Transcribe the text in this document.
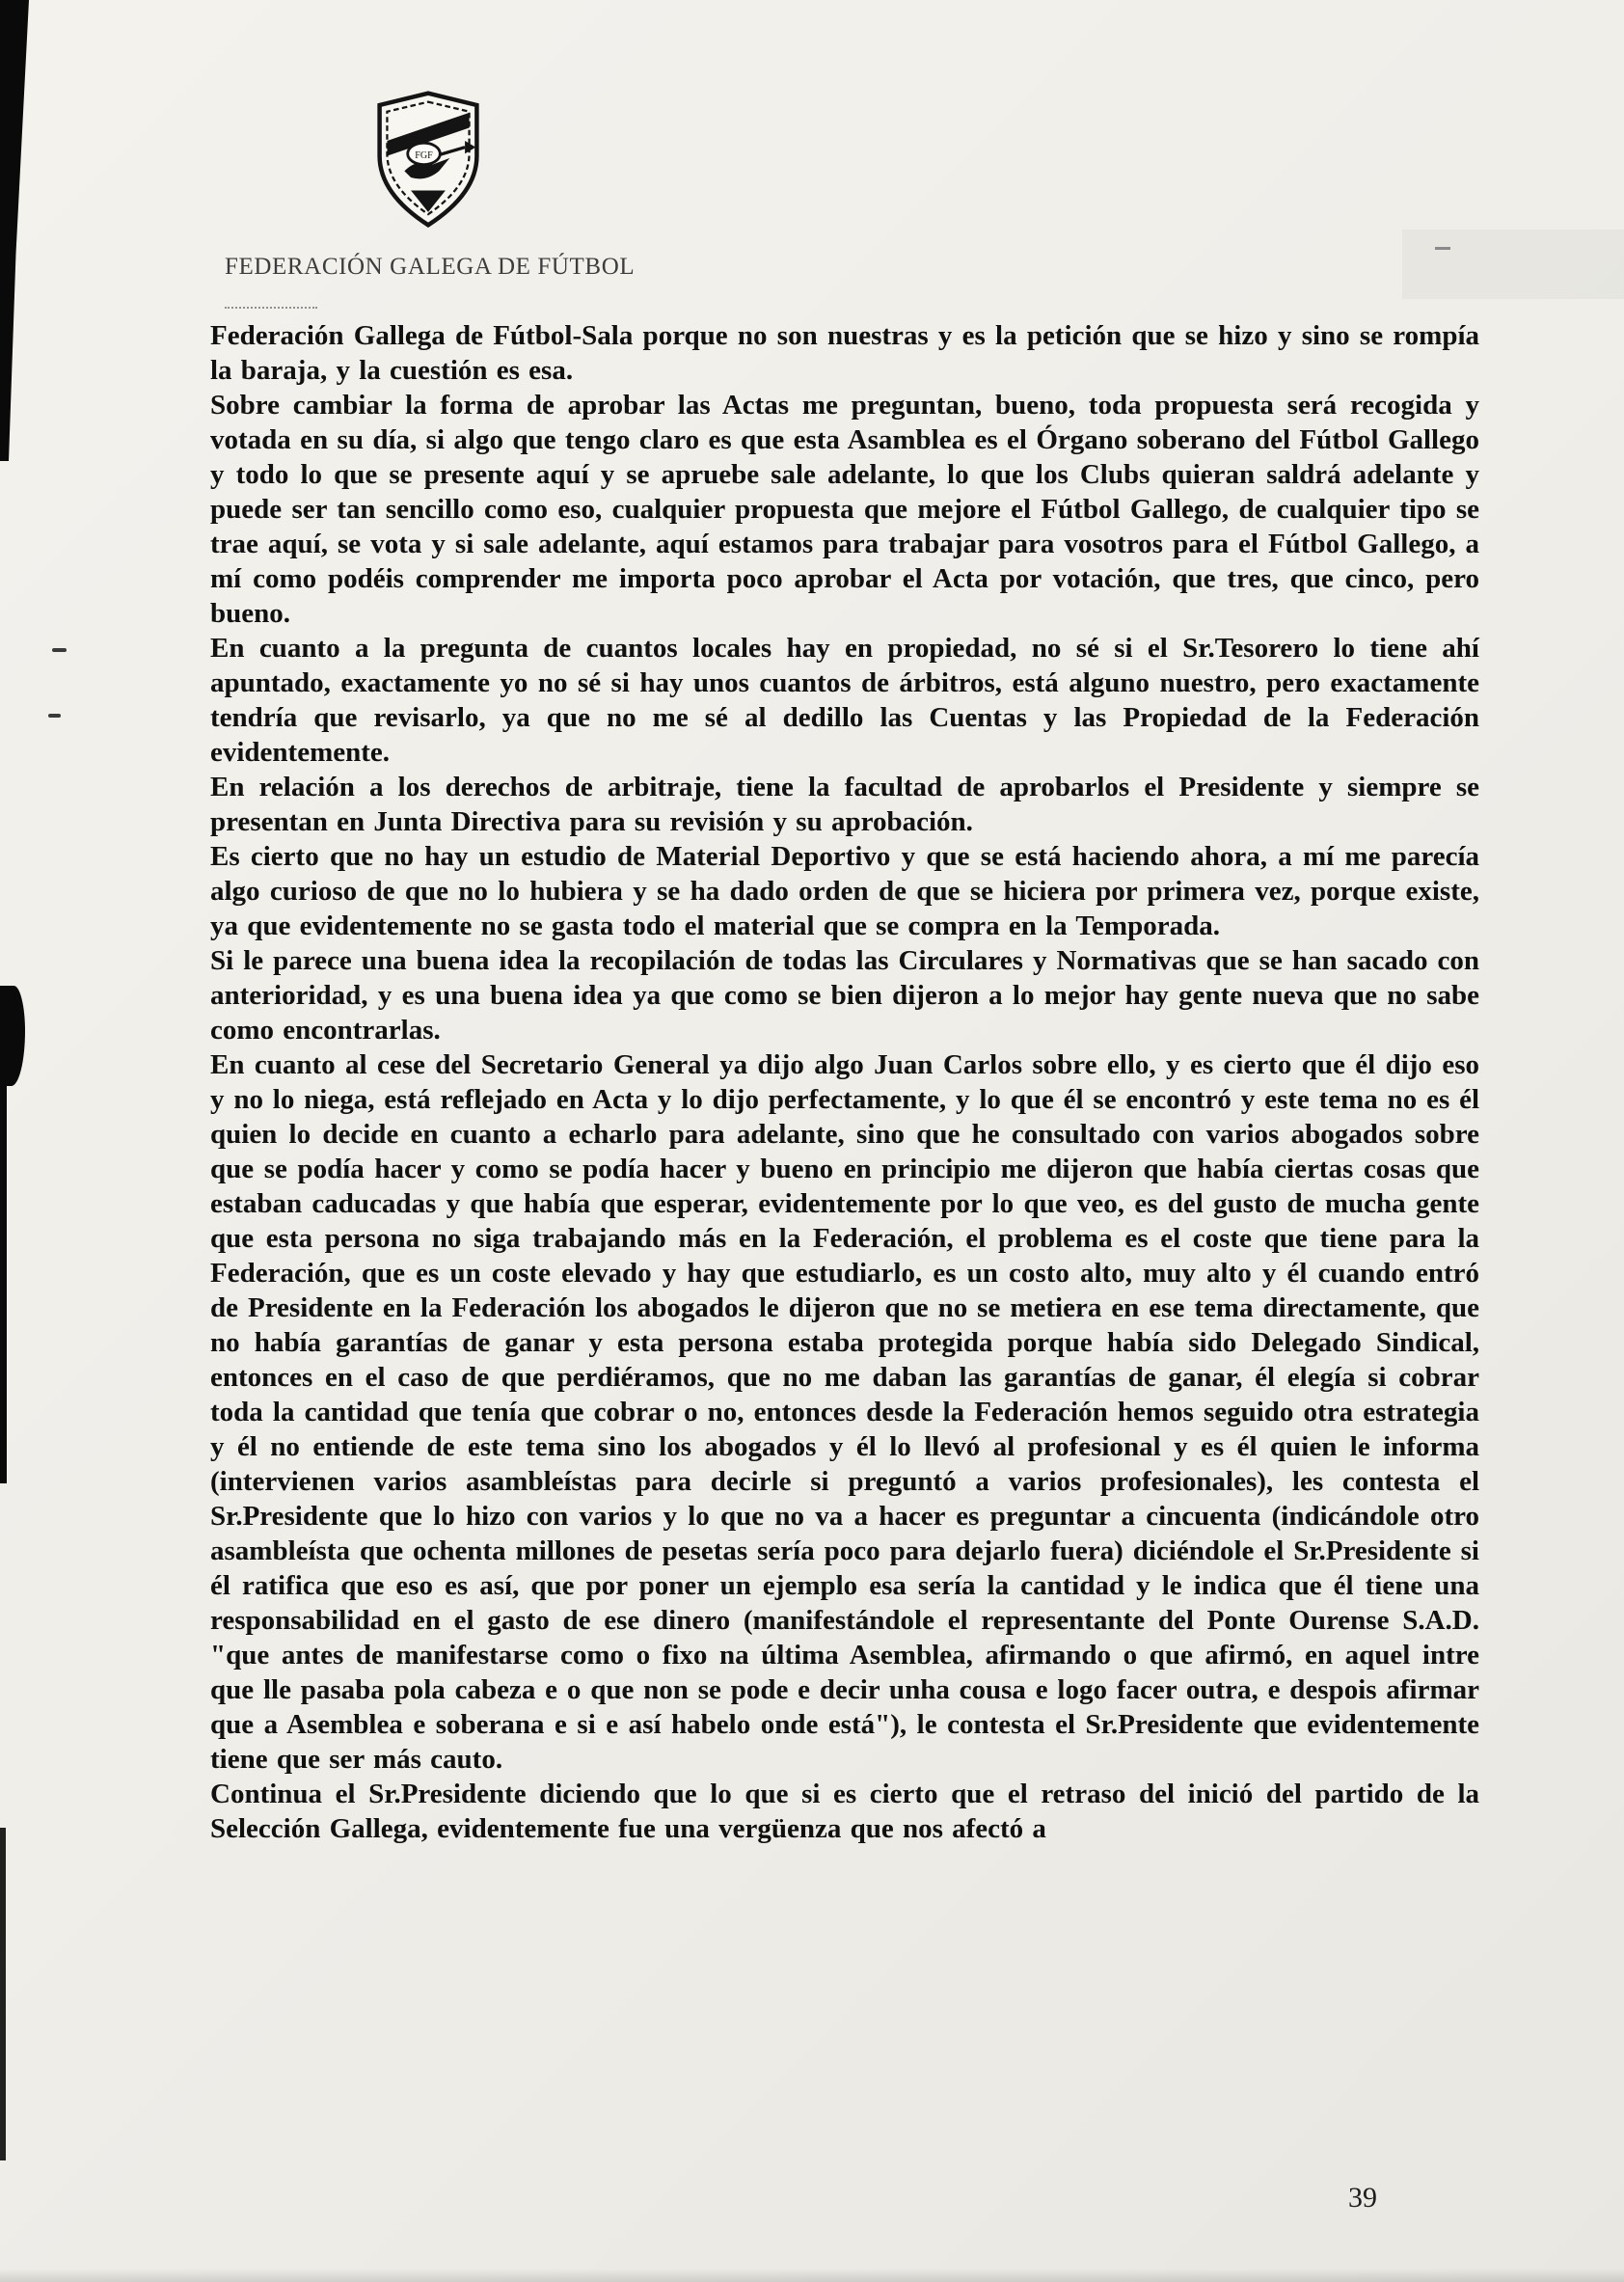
FGF
FEDERACIÓN GALEGA DE FÚTBOL

Federación Gallega de Fútbol-Sala porque no son nuestras y es la petición que se hizo y sino se rompía la baraja, y la cuestión es esa.

Sobre cambiar la forma de aprobar las Actas me preguntan, bueno, toda propuesta será recogida y votada en su día, si algo que tengo claro es que esta Asamblea es el Órgano soberano del Fútbol Gallego y todo lo que se presente aquí y se apruebe sale adelante, lo que los Clubs quieran saldrá adelante y puede ser tan sencillo como eso, cualquier propuesta que mejore el Fútbol Gallego, de cualquier tipo se trae aquí, se vota y si sale adelante, aquí estamos para trabajar para vosotros para el Fútbol Gallego, a mí como podéis comprender me importa poco aprobar el Acta por votación, que tres, que cinco, pero bueno.

En cuanto a la pregunta de cuantos locales hay en propiedad, no sé si el Sr.Tesorero lo tiene ahí apuntado, exactamente yo no sé si hay unos cuantos de árbitros, está alguno nuestro, pero exactamente tendría que revisarlo, ya que no me sé al dedillo las Cuentas y las Propiedad de la Federación evidentemente.

En relación a los derechos de arbitraje, tiene la facultad de aprobarlos el Presidente y siempre se presentan en Junta Directiva para su revisión y su aprobación.

Es cierto que no hay un estudio de Material Deportivo y que se está haciendo ahora, a mí me parecía algo curioso de que no lo hubiera y se ha dado orden de que se hiciera por primera vez, porque existe, ya que evidentemente no se gasta todo el material que se compra en la Temporada.

Si le parece una buena idea la recopilación de todas las Circulares y Normativas que se han sacado con anterioridad, y es una buena idea ya que como se bien dijeron a lo mejor hay gente nueva que no sabe como encontrarlas.

En cuanto al cese del Secretario General ya dijo algo Juan Carlos sobre ello, y es cierto que él dijo eso y no lo niega, está reflejado en Acta y lo dijo perfectamente, y lo que él se encontró y este tema no es él quien lo decide en cuanto a echarlo para adelante, sino que he consultado con varios abogados sobre que se podía hacer y como se podía hacer y bueno en principio me dijeron que había ciertas cosas que estaban caducadas y que había que esperar, evidentemente por lo que veo, es del gusto de mucha gente que esta persona no siga trabajando más en la Federación, el problema es el coste que tiene para la Federación, que es un coste elevado y hay que estudiarlo, es un costo alto, muy alto y él cuando entró de Presidente en la Federación los abogados le dijeron que no se metiera en ese tema directamente, que no había garantías de ganar y esta persona estaba protegida porque había sido Delegado Sindical, entonces en el caso de que perdiéramos, que no me daban las garantías de ganar, él elegía si cobrar toda la cantidad que tenía que cobrar o no, entonces desde la Federación hemos seguido otra estrategia y él no entiende de este tema sino los abogados y él lo llevó al profesional y es él quien le informa (intervienen varios asambleístas para decirle si preguntó a varios profesionales), les contesta el Sr.Presidente que lo hizo con varios y lo que no va a hacer es preguntar a cincuenta (indicándole otro asambleísta que ochenta millones de pesetas sería poco para dejarlo fuera) diciéndole el Sr.Presidente si él ratifica que eso es así, que por poner un ejemplo esa sería la cantidad y le indica que él tiene una responsabilidad en el gasto de ese dinero (manifestándole el representante del Ponte Ourense S.A.D. "que antes de manifestarse como o fixo na última Asemblea, afirmando o que afirmó, en aquel intre que lle pasaba pola cabeza e o que non se pode e decir unha cousa e logo facer outra, e despois afirmar que a Asemblea e soberana e si e así habelo onde está"), le contesta el Sr.Presidente que evidentemente tiene que ser más cauto.

Continua el Sr.Presidente diciendo que lo que si es cierto que el retraso del inició del partido de la Selección Gallega, evidentemente fue una vergüenza que nos afectó a

39
